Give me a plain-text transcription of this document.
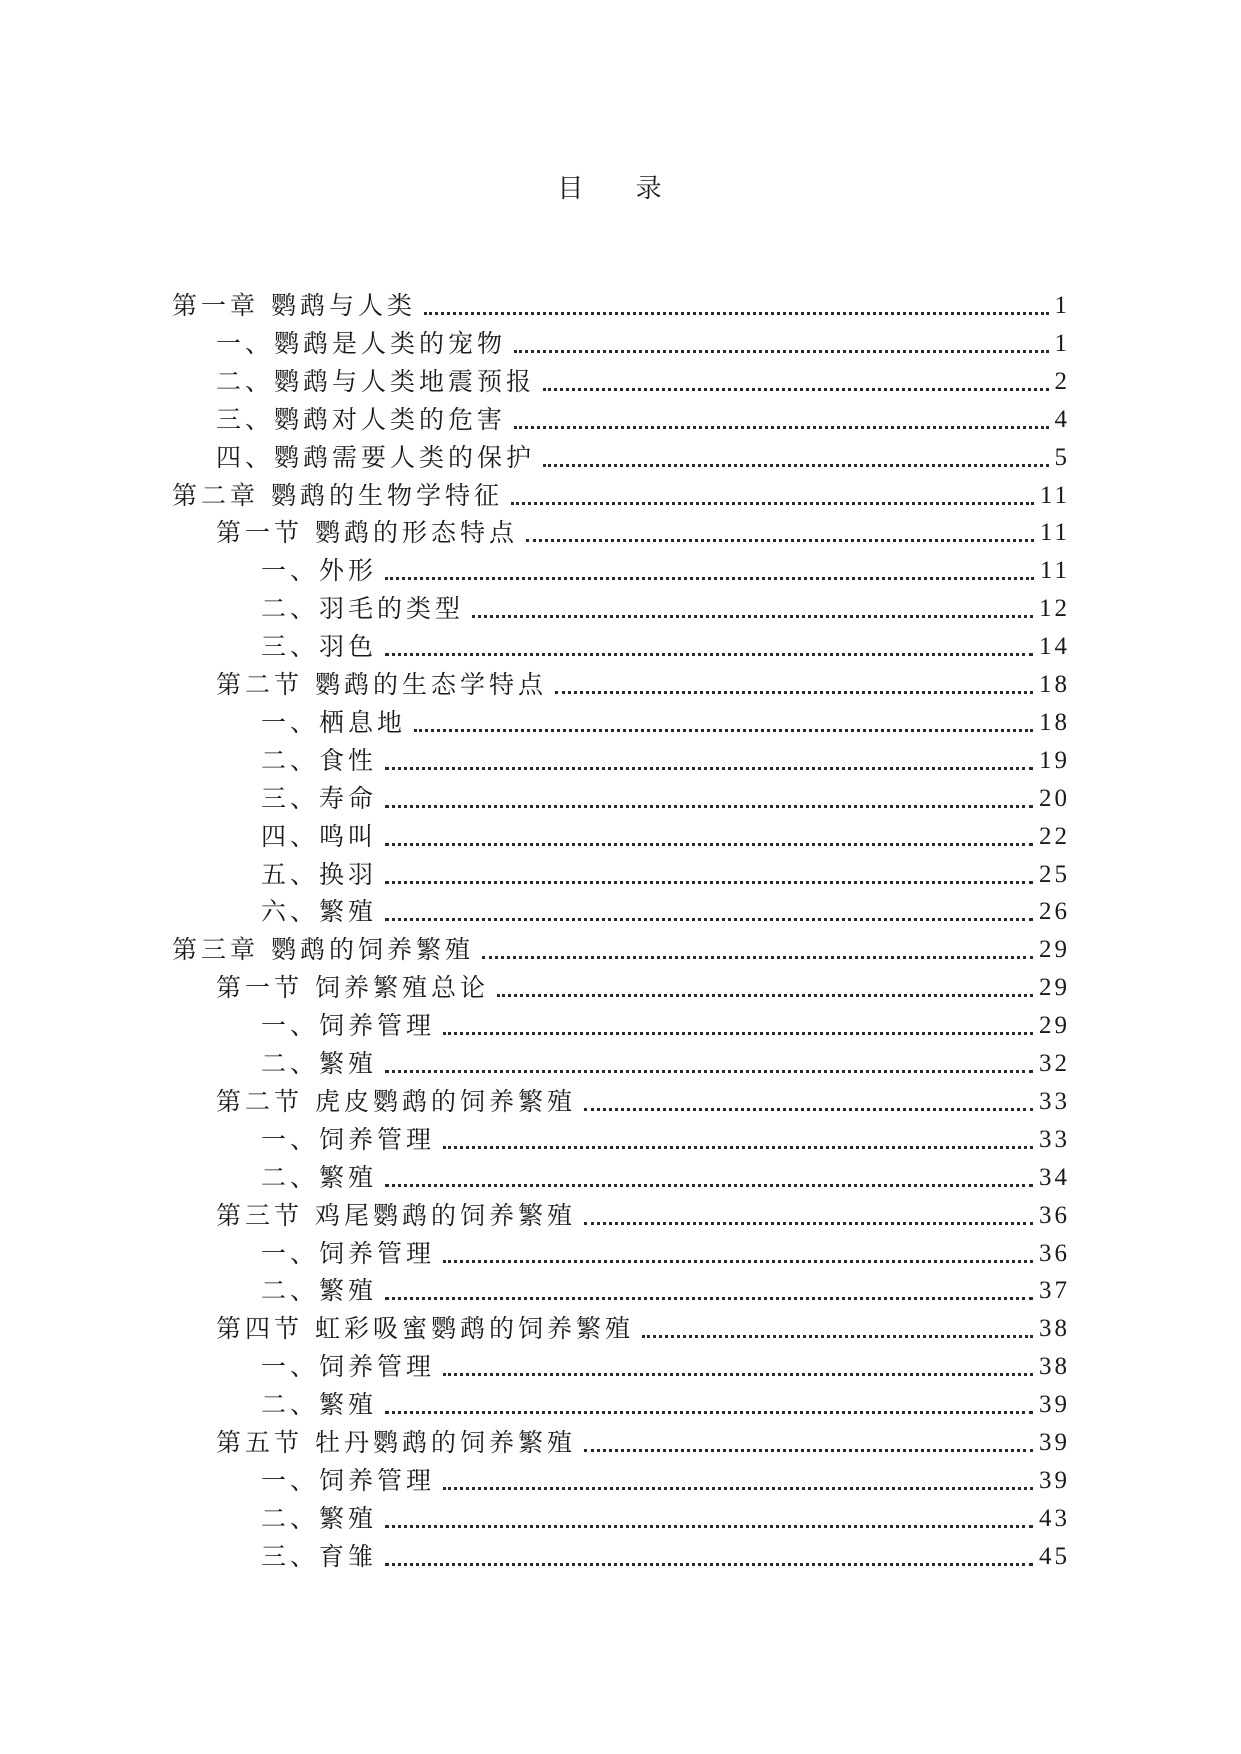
目 录
第一章 鹦鹉与人类	1
一、鹦鹉是人类的宠物	1
二、鹦鹉与人类地震预报	2
三、鹦鹉对人类的危害	4
四、鹦鹉需要人类的保护	5
第二章 鹦鹉的生物学特征	11
第一节 鹦鹉的形态特点	11
一、外形	11
二、羽毛的类型	12
三、羽色	14
第二节 鹦鹉的生态学特点	18
一、栖息地	18
二、食性	19
三、寿命	20
四、鸣叫	22
五、换羽	25
六、繁殖	26
第三章 鹦鹉的饲养繁殖	29
第一节 饲养繁殖总论	29
一、饲养管理	29
二、繁殖	32
第二节 虎皮鹦鹉的饲养繁殖	33
一、饲养管理	33
二、繁殖	34
第三节 鸡尾鹦鹉的饲养繁殖	36
一、饲养管理	36
二、繁殖	37
第四节 虹彩吸蜜鹦鹉的饲养繁殖	38
一、饲养管理	38
二、繁殖	39
第五节 牡丹鹦鹉的饲养繁殖	39
一、饲养管理	39
二、繁殖	43
三、育雏	45
